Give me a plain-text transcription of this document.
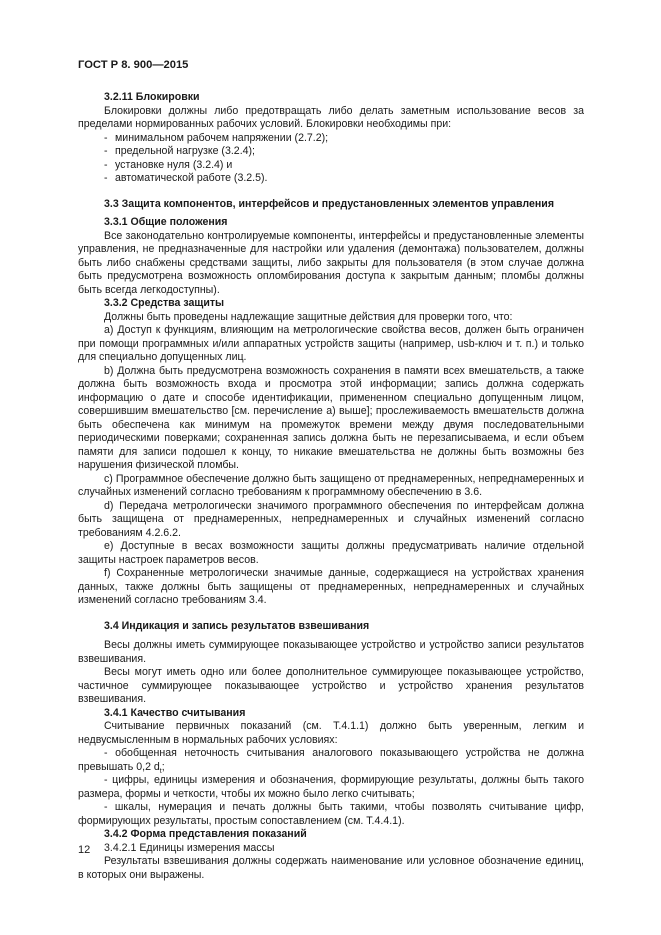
ГОСТ Р 8. 900—2015

3.2.11 Блокировки

Блокировки должны либо предотвращать либо делать заметным использование весов за пределами нормированных рабочих условий. Блокировки необходимы при:

- минимальном рабочем напряжении (2.7.2);

- предельной нагрузке (3.2.4);

- установке нуля (3.2.4) и

- автоматической работе (3.2.5).

3.3 Защита компонентов, интерфейсов и предустановленных элементов управления

3.3.1 Общие положения

Все законодательно контролируемые компоненты, интерфейсы и предустановленные элементы управления, не предназначенные для настройки или удаления (демонтажа) пользователем, должны быть либо снабжены средствами защиты, либо закрыты для пользователя (в этом случае должна быть предусмотрена возможность опломбирования доступа к закрытым данным; пломбы должны быть всегда легкодоступны).

3.3.2 Средства защиты

Должны быть проведены надлежащие защитные действия для проверки того, что:

a) Доступ к функциям, влияющим на метрологические свойства весов, должен быть ограничен при помощи программных и/или аппаратных устройств защиты (например, usb-ключ и т. п.) и только для специально допущенных лиц.

b) Должна быть предусмотрена возможность сохранения в памяти всех вмешательств, а также должна быть возможность входа и просмотра этой информации; запись должна содержать информацию о дате и способе идентификации, примененном специально допущенным лицом, совершившим вмешательство [см. перечисление a) выше]; прослеживаемость вмешательств должна быть обеспечена как минимум на промежуток времени между двумя последовательными периодическими поверками; сохраненная запись должна быть не перезаписываема, и если объем памяти для записи подошел к концу, то никакие вмешательства не должны быть возможны без нарушения физической пломбы.

c) Программное обеспечение должно быть защищено от преднамеренных, непреднамеренных и случайных изменений согласно требованиям к программному обеспечению в 3.6.

d) Передача метрологически значимого программного обеспечения по интерфейсам должна быть защищена от преднамеренных, непреднамеренных и случайных изменений согласно требованиям 4.2.6.2.

e) Доступные в весах возможности защиты должны предусматривать наличие отдельной защиты настроек параметров весов.

f) Сохраненные метрологически значимые данные, содержащиеся на устройствах хранения данных, также должны быть защищены от преднамеренных, непреднамеренных и случайных изменений согласно требованиям 3.4.

3.4 Индикация и запись результатов взвешивания

Весы должны иметь суммирующее показывающее устройство и устройство записи результатов взвешивания.

Весы могут иметь одно или более дополнительное суммирующее показывающее устройство, частичное суммирующее показывающее устройство и устройство хранения результатов взвешивания.

3.4.1 Качество считывания

Считывание первичных показаний (см. Т.4.1.1) должно быть уверенным, легким и недвусмысленным в нормальных рабочих условиях:

- обобщенная неточность считывания аналогового показывающего устройства не должна превышать 0,2 $d_t$;

- цифры, единицы измерения и обозначения, формирующие результаты, должны быть такого размера, формы и четкости, чтобы их можно было легко считывать;

- шкалы, нумерация и печать должны быть такими, чтобы позволять считывание цифр, формирующих результаты, простым сопоставлением (см. Т.4.4.1).

3.4.2 Форма представления показаний

3.4.2.1 Единицы измерения массы

Результаты взвешивания должны содержать наименование или условное обозначение единиц, в которых они выражены.

12
